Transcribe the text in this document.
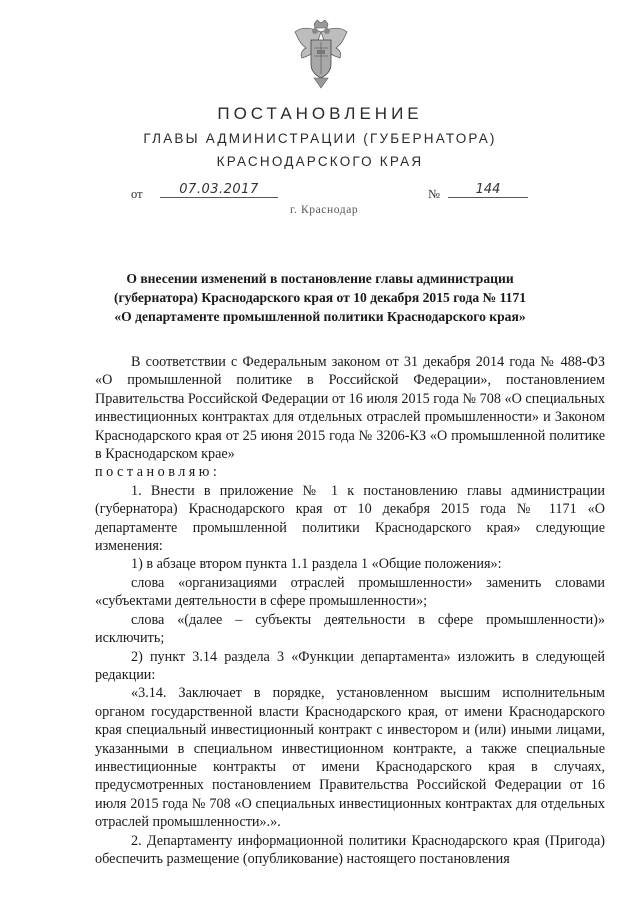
ПОСТАНОВЛЕНИЕ
ГЛАВЫ АДМИНИСТРАЦИИ (ГУБЕРНАТОРА)
КРАСНОДАРСКОГО КРАЯ
от	07.03.2017	№	144
г. Краснодар
О внесении изменений в постановление главы администрации
(губернатора) Краснодарского края от 10 декабря 2015 года № 1171
«О департаменте промышленной политики Краснодарского края»

В соответствии с Федеральным законом от 31 декабря 2014 года № 488-ФЗ «О промышленной политике в Российской Федерации», постановлением Правительства Российской Федерации от 16 июля 2015 года № 708 «О специальных инвестиционных контрактах для отдельных отраслей промышленности» и Законом Краснодарского края от 25 июня 2015 года № 3206-КЗ «О промышленной политике в Краснодарском крае»

постановляю:

1. Внести в приложение № 1 к постановлению главы администрации (губернатора) Краснодарского края от 10 декабря 2015 года № 1171 «О департаменте промышленной политики Краснодарского края» следующие изменения:

1) в абзаце втором пункта 1.1 раздела 1 «Общие положения»:

слова «организациями отраслей промышленности» заменить словами «субъектами деятельности в сфере промышленности»;

слова «(далее – субъекты деятельности в сфере промышленности)» исключить;

2) пункт 3.14 раздела 3 «Функции департамента» изложить в следующей редакции:

«3.14. Заключает в порядке, установленном высшим исполнительным органом государственной власти Краснодарского края, от имени Краснодарского края специальный инвестиционный контракт с инвестором и (или) иными лицами, указанными в специальном инвестиционном контракте, а также специальные инвестиционные контракты от имени Краснодарского края в случаях, предусмотренных постановлением Правительства Российской Федерации от 16 июля 2015 года № 708 «О специальных инвестиционных контрактах для отдельных отраслей промышленности».».

2. Департаменту информационной политики Краснодарского края (Пригода) обеспечить размещение (опубликование) настоящего постановления
